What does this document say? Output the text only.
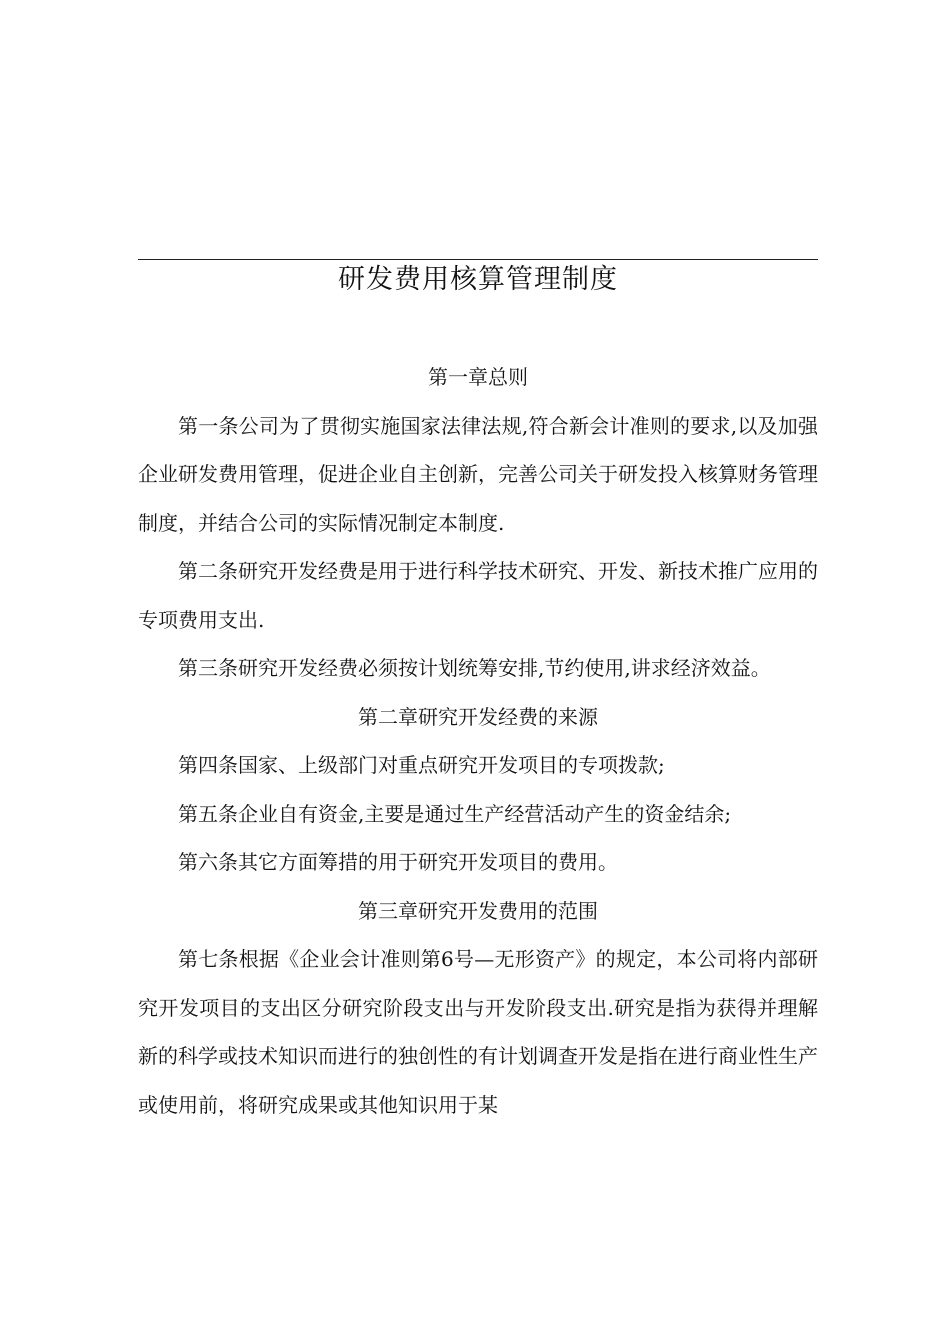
研发费用核算管理制度

第一章总则

第一条公司为了贯彻实施国家法律法规,符合新会计准则的要求,以及加强企业研发费用管理，促进企业自主创新，完善公司关于研发投入核算财务管理制度，并结合公司的实际情况制定本制度.

第二条研究开发经费是用于进行科学技术研究、开发、新技术推广应用的专项费用支出.

第三条研究开发经费必须按计划统筹安排,节约使用,讲求经济效益。

第二章研究开发经费的来源

第四条国家、上级部门对重点研究开发项目的专项拨款;

第五条企业自有资金,主要是通过生产经营活动产生的资金结余;

第六条其它方面筹措的用于研究开发项目的费用。

第三章研究开发费用的范围

第七条根据《企业会计准则第6号—无形资产》的规定，本公司将内部研究开发项目的支出区分研究阶段支出与开发阶段支出.研究是指为获得并理解新的科学或技术知识而进行的独创性的有计划调查开发是指在进行商业性生产或使用前，将研究成果或其他知识用于某
